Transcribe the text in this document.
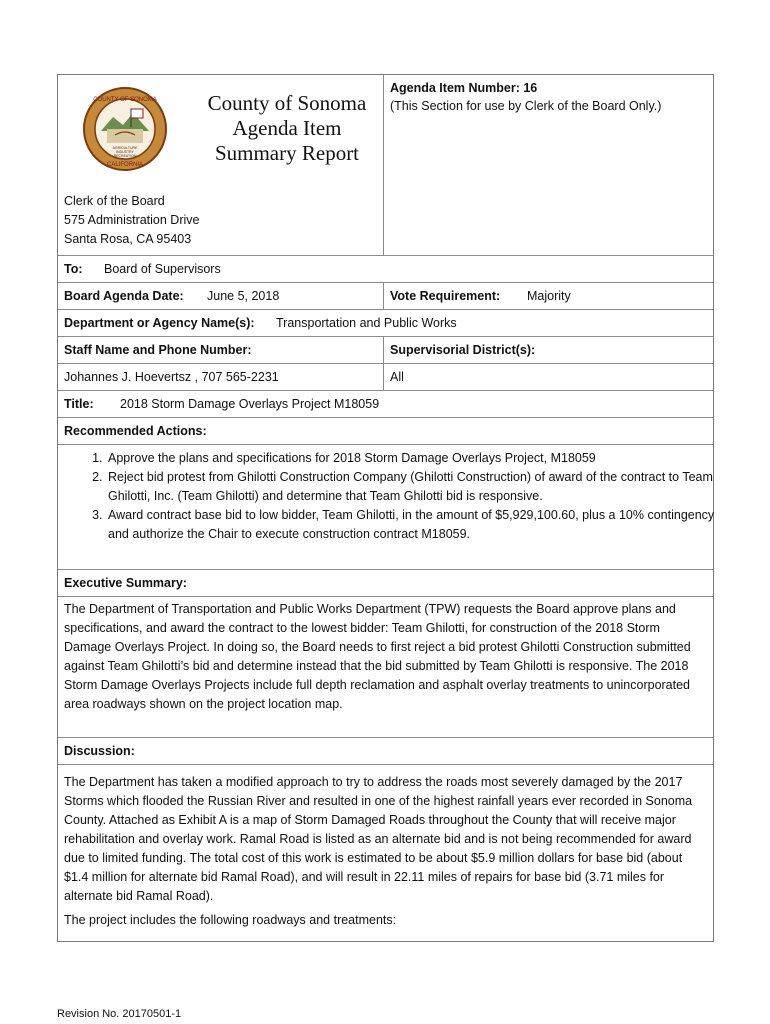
COUNTY OF SONOMA
AGRICULTURE
INDUSTRY
RECREATION
CALIFORNIA
County of Sonoma
Agenda Item
Summary Report
Clerk of the Board
575 Administration Drive
Santa Rosa, CA 95403
Agenda Item Number: 16
(This Section for use by Clerk of the Board Only.)
To: Board of Supervisors
Board Agenda Date: June 5, 2018	Vote Requirement: Majority
Department or Agency Name(s): Transportation and Public Works
Staff Name and Phone Number:	Supervisorial District(s):
Johannes J. Hoevertsz , 707 565-2231	All
Title: 2018 Storm Damage Overlays Project M18059
Recommended Actions:
1. Approve the plans and specifications for 2018 Storm Damage Overlays Project, M18059
2. Reject bid protest from Ghilotti Construction Company (Ghilotti Construction) of award of the contract to Team Ghilotti, Inc. (Team Ghilotti) and determine that Team Ghilotti bid is responsive.
3. Award contract base bid to low bidder, Team Ghilotti, in the amount of $5,929,100.60, plus a 10% contingency and authorize the Chair to execute construction contract M18059.
Executive Summary:
The Department of Transportation and Public Works Department (TPW) requests the Board approve plans and specifications, and award the contract to the lowest bidder: Team Ghilotti, for construction of the 2018 Storm Damage Overlays Project. In doing so, the Board needs to first reject a bid protest Ghilotti Construction submitted against Team Ghilotti’s bid and determine instead that the bid submitted by Team Ghilotti is responsive. The 2018 Storm Damage Overlays Projects include full depth reclamation and asphalt overlay treatments to unincorporated area roadways shown on the project location map.
Discussion:
The Department has taken a modified approach to try to address the roads most severely damaged by the 2017 Storms which flooded the Russian River and resulted in one of the highest rainfall years ever recorded in Sonoma County. Attached as Exhibit A is a map of Storm Damaged Roads throughout the County that will receive major rehabilitation and overlay work. Ramal Road is listed as an alternate bid and is not being recommended for award due to limited funding. The total cost of this work is estimated to be about $5.9 million dollars for base bid (about $1.4 million for alternate bid Ramal Road), and will result in 22.11 miles of repairs for base bid (3.71 miles for alternate bid Ramal Road).
The project includes the following roadways and treatments:
Revision No. 20170501-1
